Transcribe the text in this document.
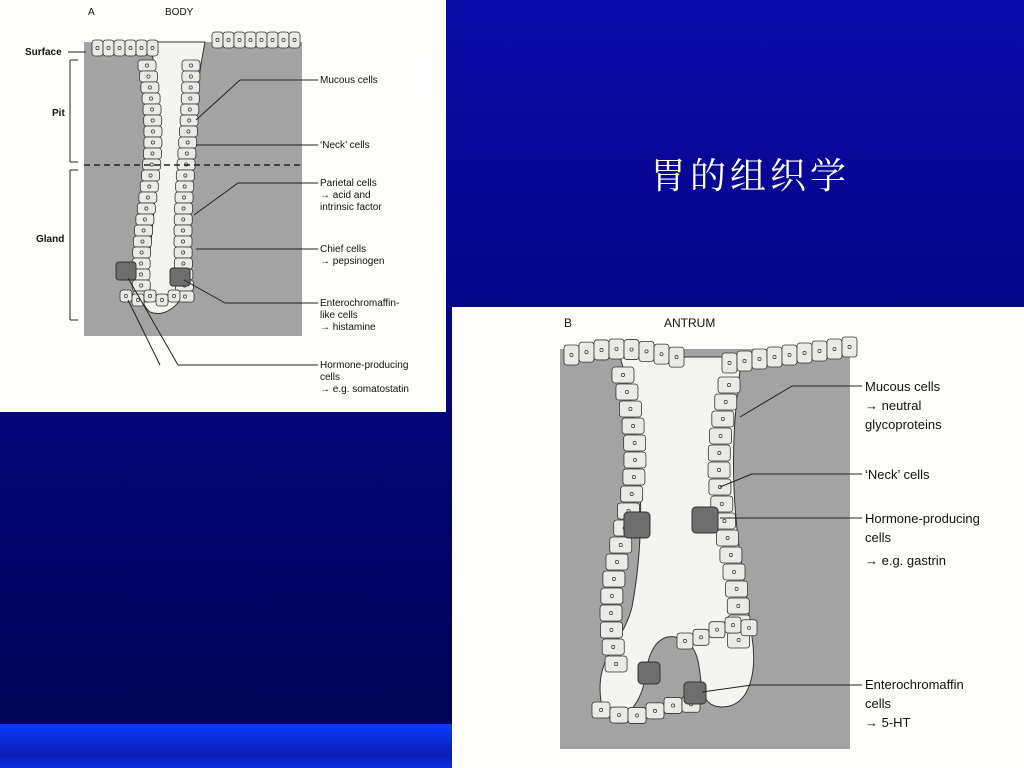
胃的组织学
A	BODY
Surface
Pit
Gland
Mucous cells
‘Neck’ cells
Parietal cells
→ acid and
intrinsic factor
Chief cells
→ pepsinogen
Enterochromaffin-
like cells
→ histamine
Hormone-producing
cells
→ e.g. somatostatin
B	ANTRUM
Mucous cells
→ neutral
glycoproteins
‘Neck’ cells
Hormone-producing
cells
→ e.g. gastrin
Enterochromaffin
cells
→ 5-HT
